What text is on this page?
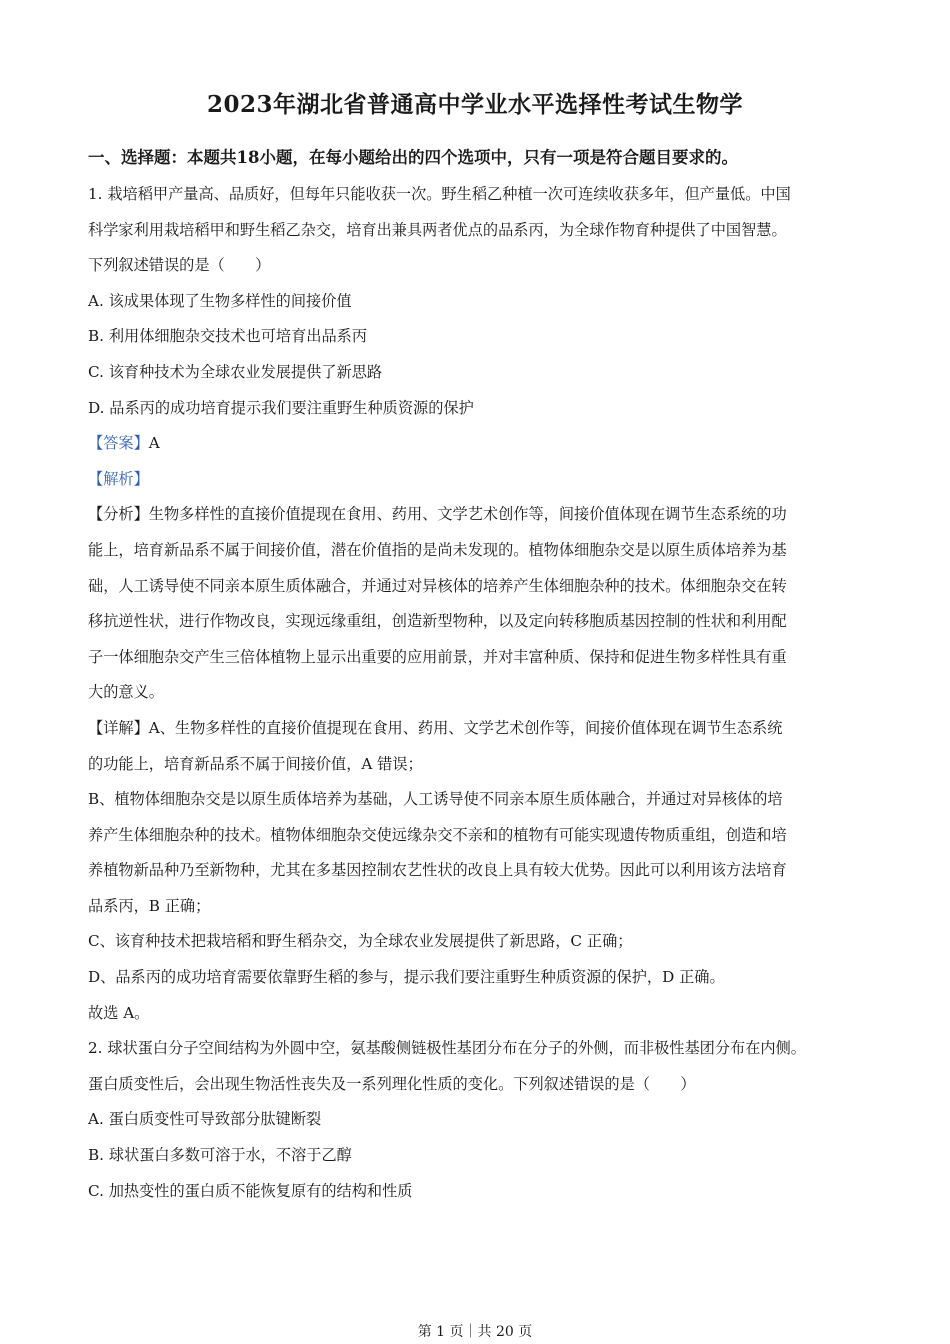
2023年湖北省普通高中学业水平选择性考试生物学
一、选择题：本题共18小题，在每小题给出的四个选项中，只有一项是符合题目要求的。
1. 栽培稻甲产量高、品质好，但每年只能收获一次。野生稻乙种植一次可连续收获多年，但产量低。中国
科学家利用栽培稻甲和野生稻乙杂交，培育出兼具两者优点的品系丙，为全球作物育种提供了中国智慧。
下列叙述错误的是（　　）
A. 该成果体现了生物多样性的间接价值
B. 利用体细胞杂交技术也可培育出品系丙
C. 该育种技术为全球农业发展提供了新思路
D. 品系丙的成功培育提示我们要注重野生种质资源的保护
【答案】A
【解析】
【分析】生物多样性的直接价值提现在食用、药用、文学艺术创作等，间接价值体现在调节生态系统的功
能上，培育新品系不属于间接价值，潜在价值指的是尚未发现的。植物体细胞杂交是以原生质体培养为基
础，人工诱导使不同亲本原生质体融合，并通过对异核体的培养产生体细胞杂种的技术。体细胞杂交在转
移抗逆性状，进行作物改良，实现远缘重组，创造新型物种，以及定向转移胞质基因控制的性状和利用配
子一体细胞杂交产生三倍体植物上显示出重要的应用前景，并对丰富种质、保持和促进生物多样性具有重
大的意义。
【详解】A、生物多样性的直接价值提现在食用、药用、文学艺术创作等，间接价值体现在调节生态系统
的功能上，培育新品系不属于间接价值，A 错误；
B、植物体细胞杂交是以原生质体培养为基础，人工诱导使不同亲本原生质体融合，并通过对异核体的培
养产生体细胞杂种的技术。植物体细胞杂交使远缘杂交不亲和的植物有可能实现遗传物质重组，创造和培
养植物新品种乃至新物种，尤其在多基因控制农艺性状的改良上具有较大优势。因此可以利用该方法培育
品系丙，B 正确；
C、该育种技术把栽培稻和野生稻杂交，为全球农业发展提供了新思路，C 正确；
D、品系丙的成功培育需要依靠野生稻的参与，提示我们要注重野生种质资源的保护，D 正确。
故选 A。
2. 球状蛋白分子空间结构为外圆中空，氨基酸侧链极性基团分布在分子的外侧，而非极性基团分布在内侧。
蛋白质变性后，会出现生物活性丧失及一系列理化性质的变化。下列叙述错误的是（　　）
A. 蛋白质变性可导致部分肽键断裂
B. 球状蛋白多数可溶于水，不溶于乙醇
C. 加热变性的蛋白质不能恢复原有的结构和性质
第 1 页｜共 20 页
